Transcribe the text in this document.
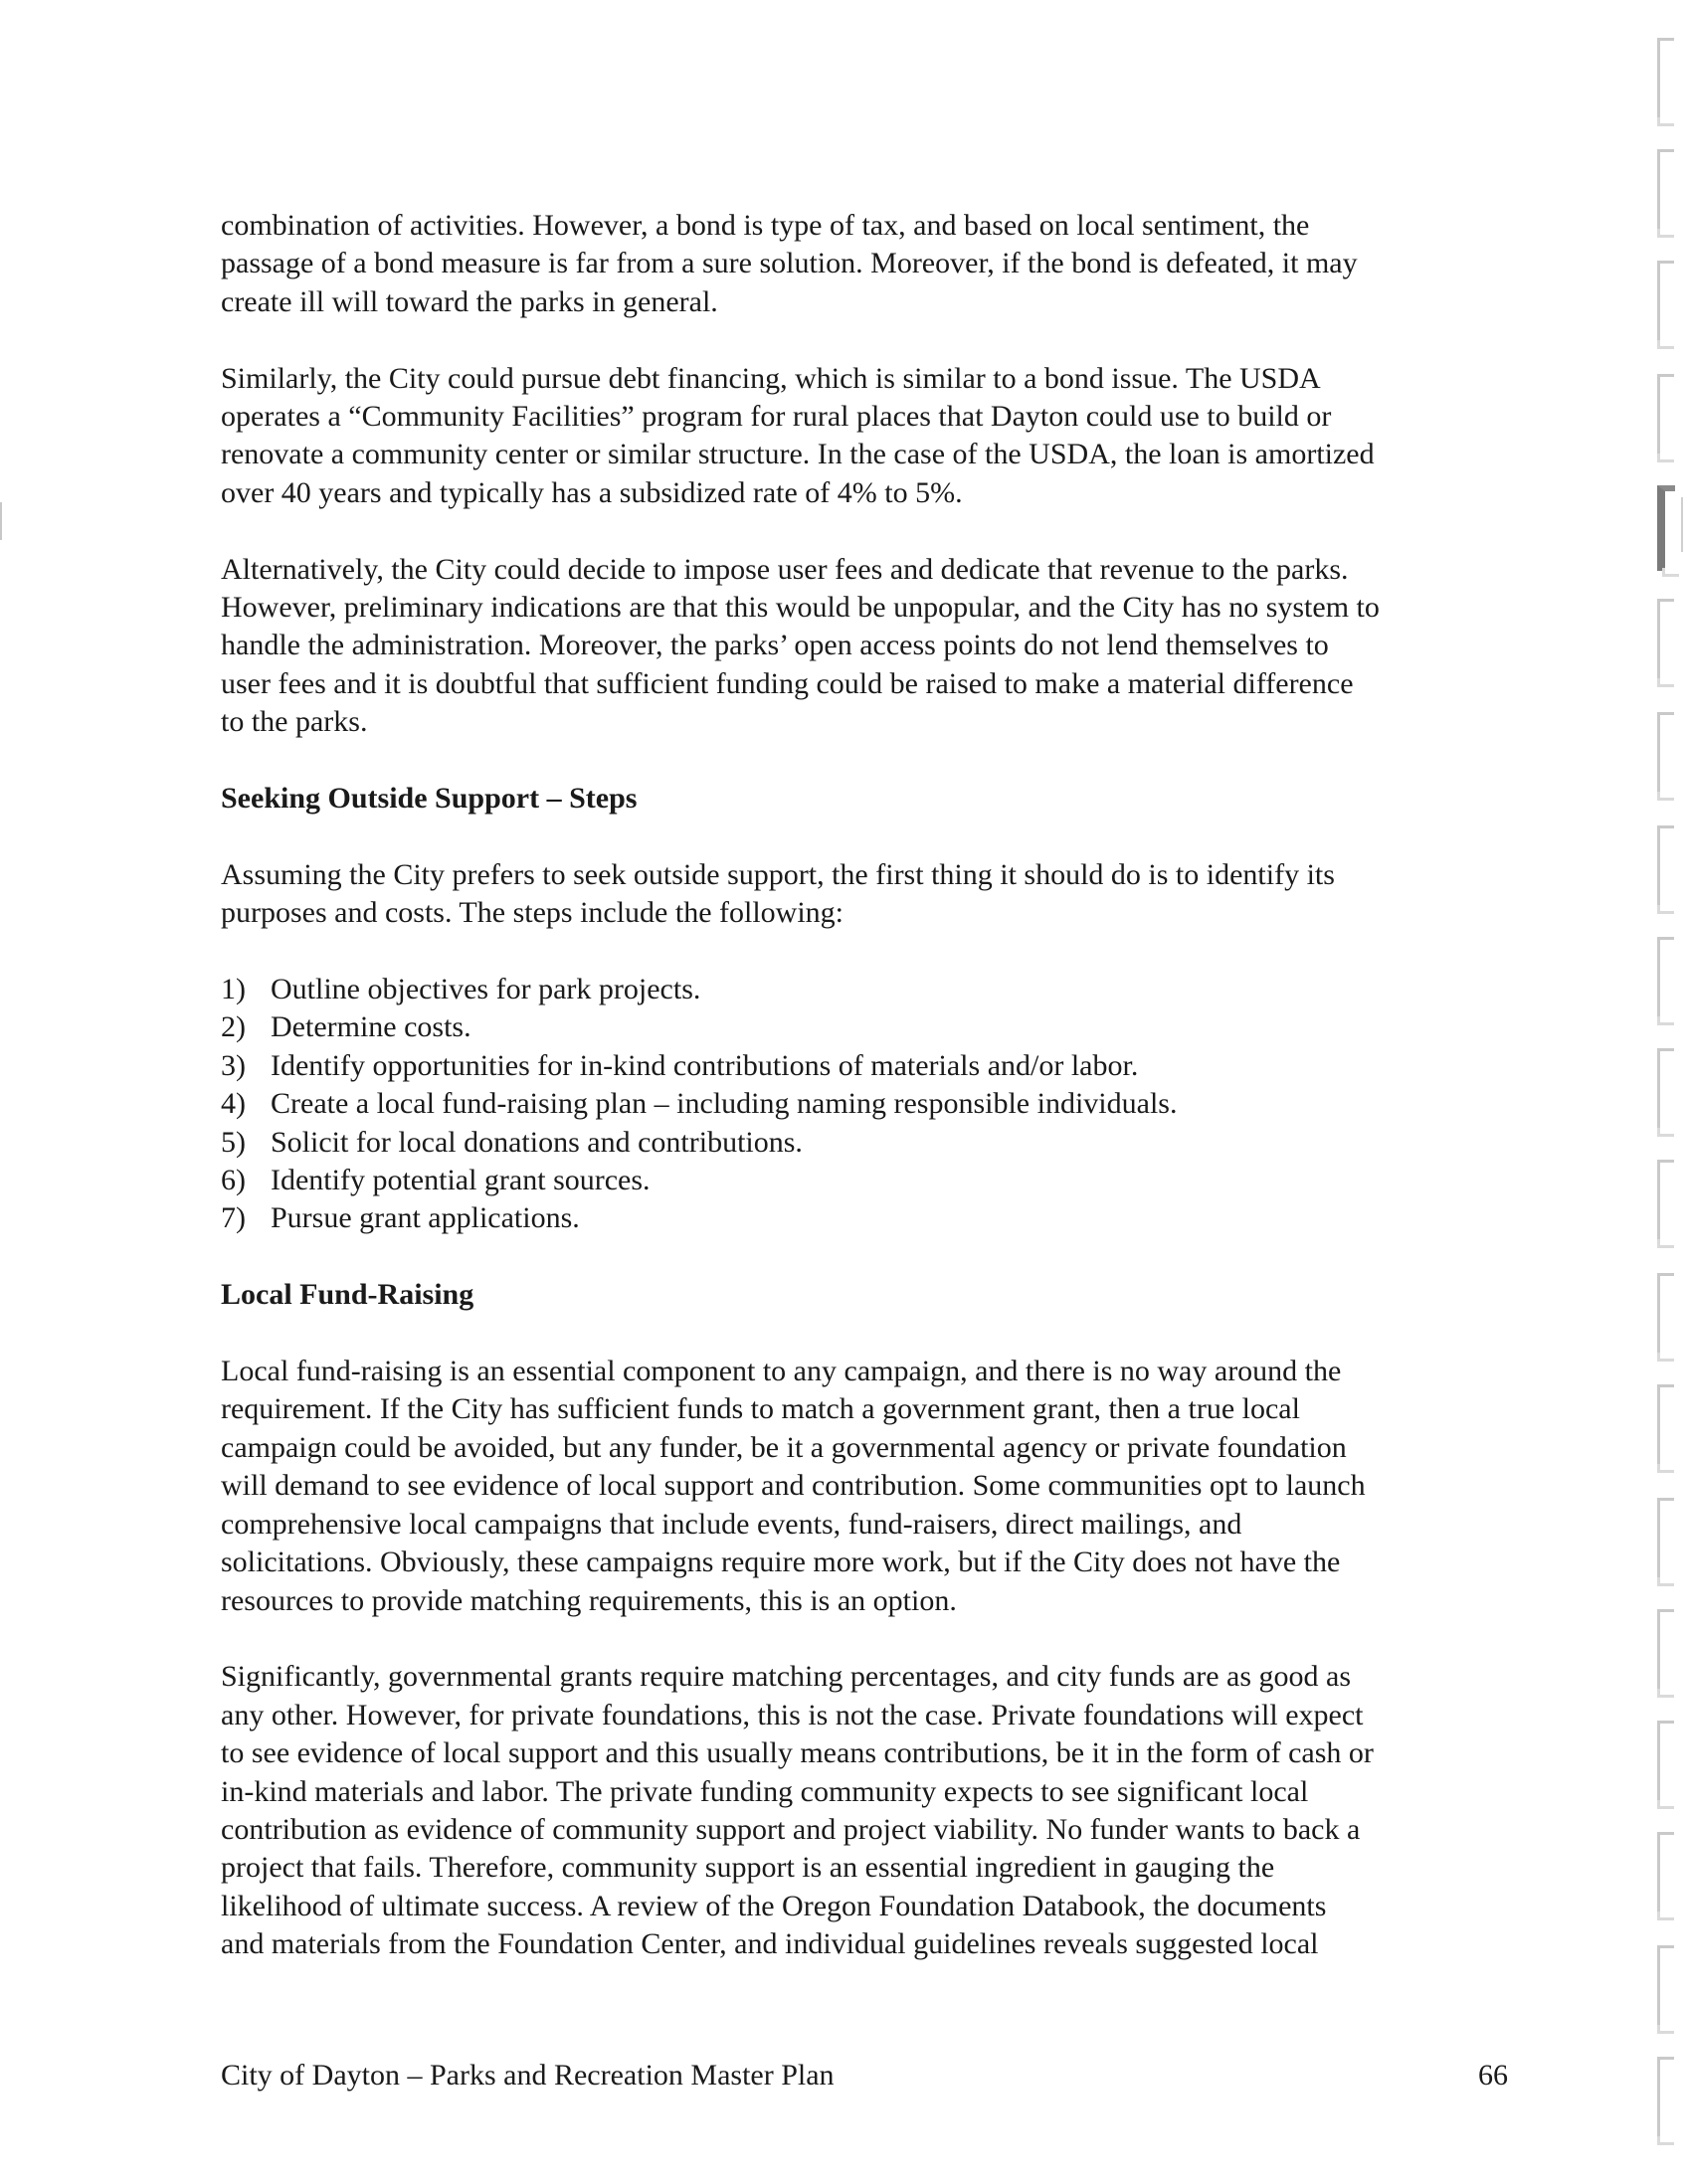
combination of activities. However, a bond is type of tax, and based on local sentiment, the
passage of a bond measure is far from a sure solution. Moreover, if the bond is defeated, it may
create ill will toward the parks in general.

Similarly, the City could pursue debt financing, which is similar to a bond issue. The USDA
operates a “Community Facilities” program for rural places that Dayton could use to build or
renovate a community center or similar structure. In the case of the USDA, the loan is amortized
over 40 years and typically has a subsidized rate of 4% to 5%.

Alternatively, the City could decide to impose user fees and dedicate that revenue to the parks.
However, preliminary indications are that this would be unpopular, and the City has no system to
handle the administration. Moreover, the parks’ open access points do not lend themselves to
user fees and it is doubtful that sufficient funding could be raised to make a material difference
to the parks.

Seeking Outside Support – Steps

Assuming the City prefers to seek outside support, the first thing it should do is to identify its
purposes and costs. The steps include the following:

1) Outline objectives for park projects.
2) Determine costs.
3) Identify opportunities for in-kind contributions of materials and/or labor.
4) Create a local fund-raising plan – including naming responsible individuals.
5) Solicit for local donations and contributions.
6) Identify potential grant sources.
7) Pursue grant applications.
Local Fund-Raising

Local fund-raising is an essential component to any campaign, and there is no way around the
requirement. If the City has sufficient funds to match a government grant, then a true local
campaign could be avoided, but any funder, be it a governmental agency or private foundation
will demand to see evidence of local support and contribution. Some communities opt to launch
comprehensive local campaigns that include events, fund-raisers, direct mailings, and
solicitations. Obviously, these campaigns require more work, but if the City does not have the
resources to provide matching requirements, this is an option.

Significantly, governmental grants require matching percentages, and city funds are as good as
any other. However, for private foundations, this is not the case. Private foundations will expect
to see evidence of local support and this usually means contributions, be it in the form of cash or
in-kind materials and labor. The private funding community expects to see significant local
contribution as evidence of community support and project viability. No funder wants to back a
project that fails. Therefore, community support is an essential ingredient in gauging the
likelihood of ultimate success. A review of the Oregon Foundation Databook, the documents
and materials from the Foundation Center, and individual guidelines reveals suggested local

City of Dayton – Parks and Recreation Master Plan	66
